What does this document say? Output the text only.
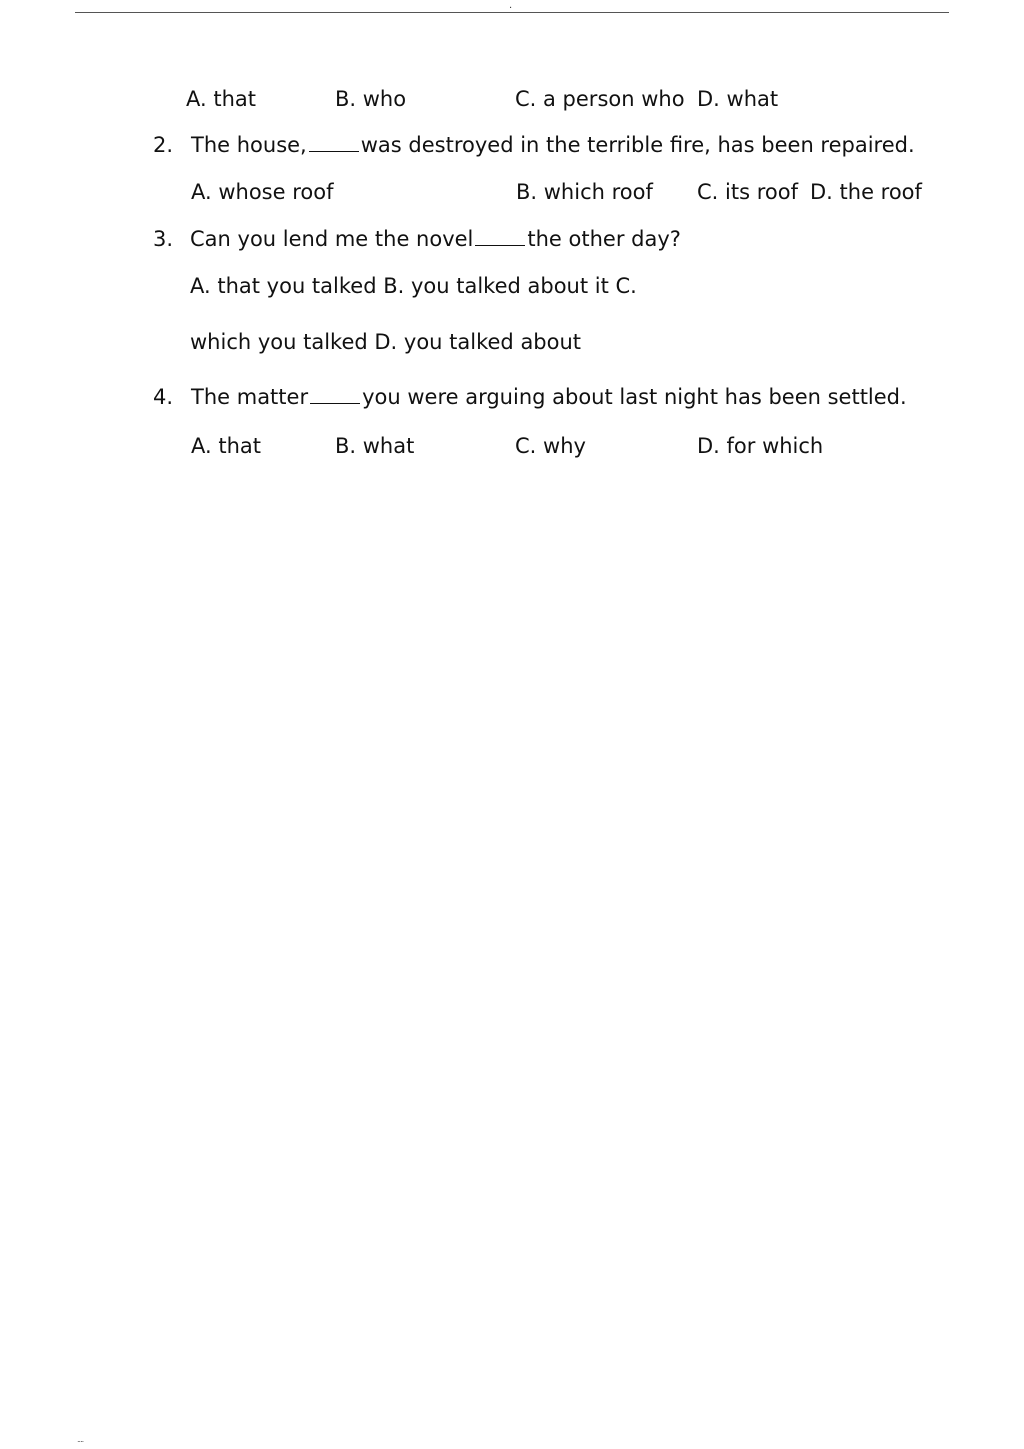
.
A. that	B. who	C. a person who D. what
2. The house,	was destroyed in the terrible fire, has been repaired.
A. whose roof	B. which roof C. its roof D. the roof
3. Can you lend me the novel	the other day?
A. that you talked B. you talked about it C.
which you talked D. you talked about
4. The matter	you were arguing about last night has been settled.
A. that	B. what	C. why	D. for which
....
